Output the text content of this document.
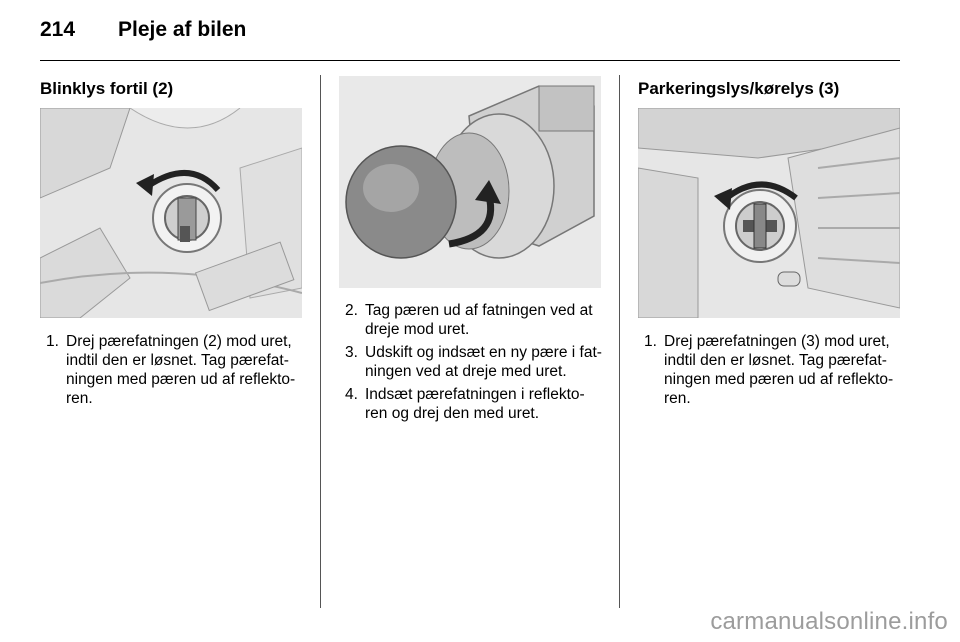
214 Pleje af bilen
Blinklys fortil (2)
1. Drej pærefatningen (2) mod uret, indtil den er løsnet. Tag pærefat-ningen med pæren ud af reflekto-ren.
2. Tag pæren ud af fatningen ved at dreje mod uret.
3. Udskift og indsæt en ny pære i fat-ningen ved at dreje med uret.
4. Indsæt pærefatningen i reflekto-ren og drej den med uret.
Parkeringslys/kørelys (3)
1. Drej pærefatningen (3) mod uret, indtil den er løsnet. Tag pærefat-ningen med pæren ud af reflekto-ren.
carmanualsonline.info
